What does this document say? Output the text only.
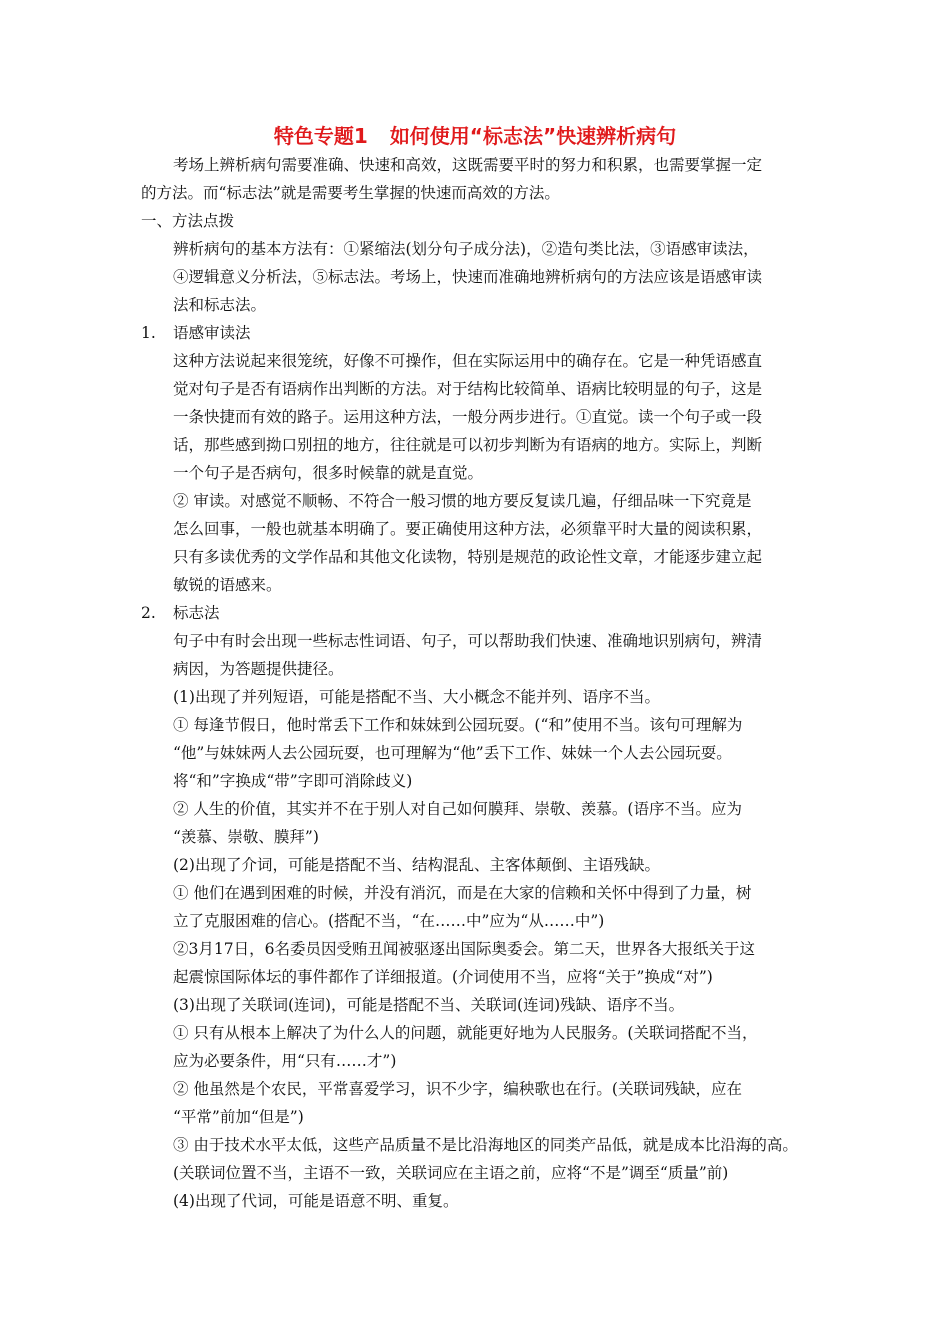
特色专题1 如何使用“标志法”快速辨析病句
考场上辨析病句需要准确、快速和高效，这既需要平时的努力和积累，也需要掌握一定
的方法。而“标志法”就是需要考生掌握的快速而高效的方法。
一、方法点拨
辨析病句的基本方法有：①紧缩法(划分句子成分法)，②造句类比法，③语感审读法，
④逻辑意义分析法，⑤标志法。考场上，快速而准确地辨析病句的方法应该是语感审读
法和标志法。
1. 语感审读法
这种方法说起来很笼统，好像不可操作，但在实际运用中的确存在。它是一种凭语感直
觉对句子是否有语病作出判断的方法。对于结构比较简单、语病比较明显的句子，这是
一条快捷而有效的路子。运用这种方法，一般分两步进行。①直觉。读一个句子或一段
话，那些感到拗口别扭的地方，往往就是可以初步判断为有语病的地方。实际上，判断
一个句子是否病句，很多时候靠的就是直觉。
② 审读。对感觉不顺畅、不符合一般习惯的地方要反复读几遍，仔细品味一下究竟是
怎么回事，一般也就基本明确了。要正确使用这种方法，必须靠平时大量的阅读积累，
只有多读优秀的文学作品和其他文化读物，特别是规范的政论性文章，才能逐步建立起
敏锐的语感来。
2. 标志法
句子中有时会出现一些标志性词语、句子，可以帮助我们快速、准确地识别病句，辨清
病因，为答题提供捷径。
(1)出现了并列短语，可能是搭配不当、大小概念不能并列、语序不当。
① 每逢节假日，他时常丢下工作和妹妹到公园玩耍。(“和”使用不当。该句可理解为
“他”与妹妹两人去公园玩耍，也可理解为“他”丢下工作、妹妹一个人去公园玩耍。
将“和”字换成“带”字即可消除歧义)
② 人生的价值，其实并不在于别人对自己如何膜拜、崇敬、羡慕。(语序不当。应为
“羡慕、崇敬、膜拜”)
(2)出现了介词，可能是搭配不当、结构混乱、主客体颠倒、主语残缺。
① 他们在遇到困难的时候，并没有消沉，而是在大家的信赖和关怀中得到了力量，树
立了克服困难的信心。(搭配不当，“在……中”应为“从……中”)
②3月17日，6名委员因受贿丑闻被驱逐出国际奥委会。第二天，世界各大报纸关于这
起震惊国际体坛的事件都作了详细报道。(介词使用不当，应将“关于”换成“对”)
(3)出现了关联词(连词)，可能是搭配不当、关联词(连词)残缺、语序不当。
① 只有从根本上解决了为什么人的问题，就能更好地为人民服务。(关联词搭配不当，
应为必要条件，用“只有……才”)
② 他虽然是个农民，平常喜爱学习，识不少字，编秧歌也在行。(关联词残缺，应在
“平常”前加“但是”)
③ 由于技术水平太低，这些产品质量不是比沿海地区的同类产品低，就是成本比沿海的高。
(关联词位置不当，主语不一致，关联词应在主语之前，应将“不是”调至“质量”前)
(4)出现了代词，可能是语意不明、重复。
